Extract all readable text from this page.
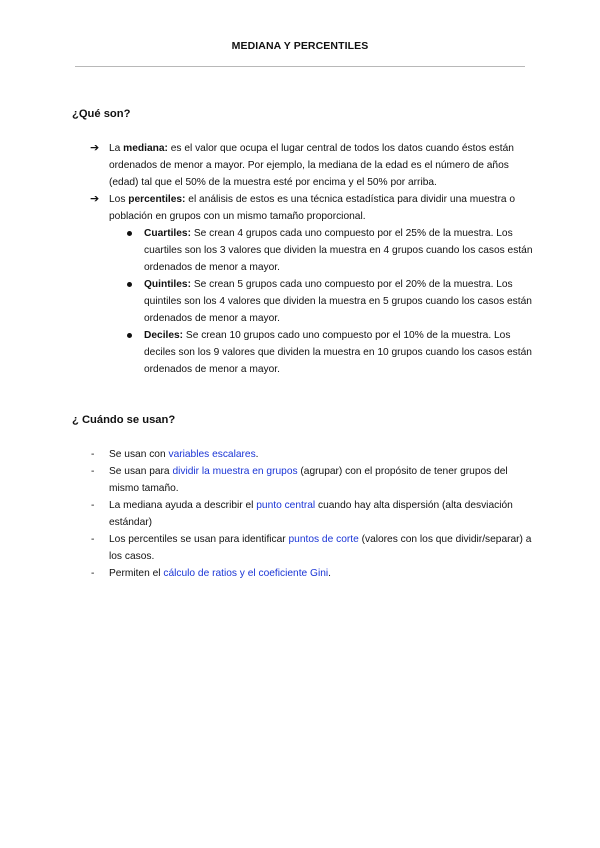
MEDIANA Y PERCENTILES
¿Qué son?
➔ La mediana: es el valor que ocupa el lugar central de todos los datos cuando éstos están ordenados de menor a mayor. Por ejemplo, la mediana de la edad es el número de años (edad) tal que el 50% de la muestra esté por encima y el 50% por arriba.
➔ Los percentiles: el análisis de estos es una técnica estadística para dividir una muestra o población en grupos con un mismo tamaño proporcional.
Cuartiles: Se crean 4 grupos cada uno compuesto por el 25% de la muestra. Los cuartiles son los 3 valores que dividen la muestra en 4 grupos cuando los casos están ordenados de menor a mayor.
Quintiles: Se crean 5 grupos cada uno compuesto por el 20% de la muestra. Los quintiles son los 4 valores que dividen la muestra en 5 grupos cuando los casos están ordenados de menor a mayor.
Deciles: Se crean 10 grupos cado uno compuesto por el 10% de la muestra. Los deciles son los 9 valores que dividen la muestra en 10 grupos cuando los casos están ordenados de menor a mayor.
¿ Cuándo se usan?
- Se usan con variables escalares.
- Se usan para dividir la muestra en grupos (agrupar) con el propósito de tener grupos del mismo tamaño.
- La mediana ayuda a describir el punto central cuando hay alta dispersión (alta desviación estándar)
- Los percentiles se usan para identificar puntos de corte (valores con los que dividir/separar) a los casos.
- Permiten el cálculo de ratios y el coeficiente Gini.
